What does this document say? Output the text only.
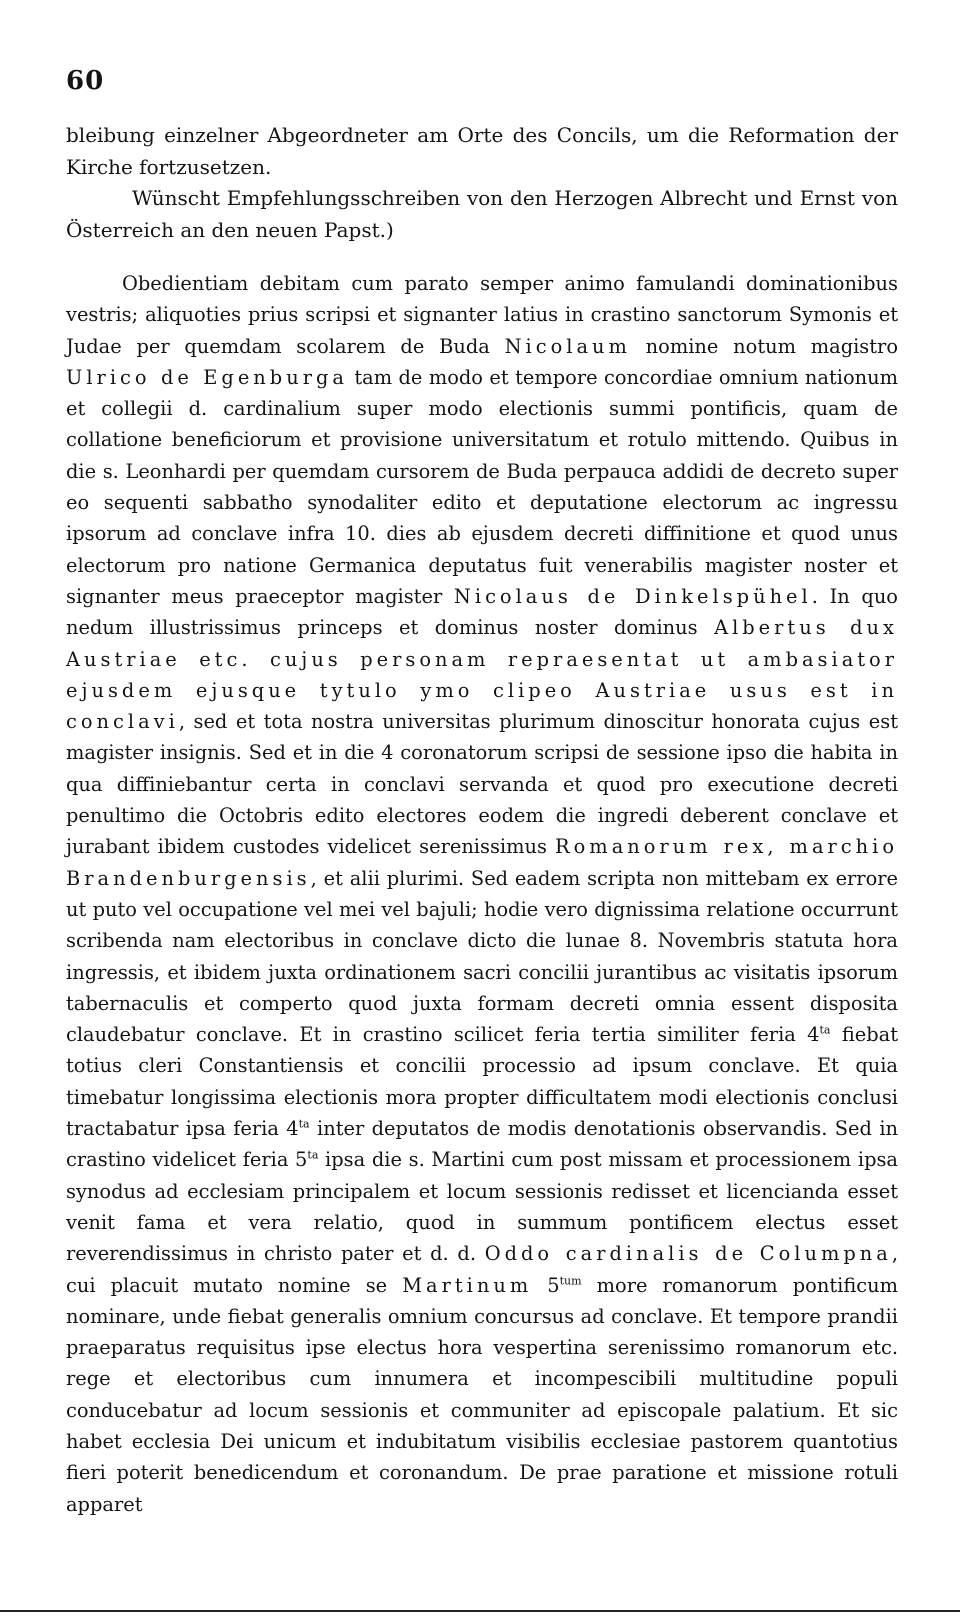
60

bleibung einzelner Abgeordneter am Orte des Concils, um die Reformation der Kirche fortzusetzen.

Wünscht Empfehlungsschreiben von den Herzogen Albrecht und Ernst von Österreich an den neuen Papst.)

Obedientiam debitam cum parato semper animo famulandi dominationibus vestris; aliquoties prius scripsi et signanter latius in crastino sanctorum Symonis et Judae per quemdam scolarem de Buda Nicolaum nomine notum magistro Ulrico de Egenburga tam de modo et tempore concordiae omnium nationum et collegii d. cardinalium super modo electionis summi pontificis, quam de collatione beneficiorum et provisione universitatum et rotulo mittendo. Quibus in die s. Leonhardi per quemdam cursorem de Buda perpauca addidi de decreto super eo sequenti sabbatho synodaliter edito et deputatione electorum ac ingressu ipsorum ad conclave infra 10. dies ab ejusdem decreti diffinitione et quod unus electorum pro natione Germanica deputatus fuit venerabilis magister noster et signanter meus praeceptor magister Nicolaus de Dinkelspühel. In quo nedum illustrissimus princeps et dominus noster dominus Albertus dux Austriae etc. cujus personam repraesentat ut ambasiator ejusdem ejusque tytulo ymo clipeo Austriae usus est in conclavi, sed et tota nostra universitas plurimum dinoscitur honorata cujus est magister insignis. Sed et in die 4 coronatorum scripsi de sessione ipso die habita in qua diffiniebantur certa in conclavi servanda et quod pro executione decreti penultimo die Octobris edito electores eodem die ingredi deberent conclave et jurabant ibidem custodes videlicet serenissimus Romanorum rex, marchio Brandenburgensis, et alii plurimi. Sed eadem scripta non mittebam ex errore ut puto vel occupatione vel mei vel bajuli; hodie vero dignissima relatione occurrunt scribenda nam electoribus in conclave dicto die lunae 8. Novembris statuta hora ingressis, et ibidem juxta ordinationem sacri concilii jurantibus ac visitatis ipsorum tabernaculis et comperto quod juxta formam decreti omnia essent disposita claudebatur conclave. Et in crastino scilicet feria tertia similiter feria $4^{ta}$ fiebat totius cleri Constantiensis et concilii processio ad ipsum conclave. Et quia timebatur longissima electionis mora propter difficultatem modi electionis conclusi tractabatur ipsa feria $4^{ta}$ inter deputatos de modis denotationis observandis. Sed in crastino videlicet feria $5^{ta}$ ipsa die s. Martini cum post missam et processionem ipsa synodus ad ecclesiam principalem et locum sessionis redisset et licencianda esset venit fama et vera relatio, quod in summum pontificem electus esset reverendissimus in christo pater et d. d. Oddo cardinalis de Columpna, cui placuit mutato nomine se Martinum $5^{tum}$ more romanorum pontificum nominare, unde fiebat generalis omnium concursus ad conclave. Et tempore prandii praeparatus requisitus ipse electus hora vespertina serenissimo romanorum etc. rege et electoribus cum innumera et incompescibili multitudine populi conducebatur ad locum sessionis et communiter ad episcopale palatium. Et sic habet ecclesia Dei unicum et indubitatum visibilis ecclesiae pastorem quantotius fieri poterit benedicendum et coronandum. De prae paratione et missione rotuli apparet
